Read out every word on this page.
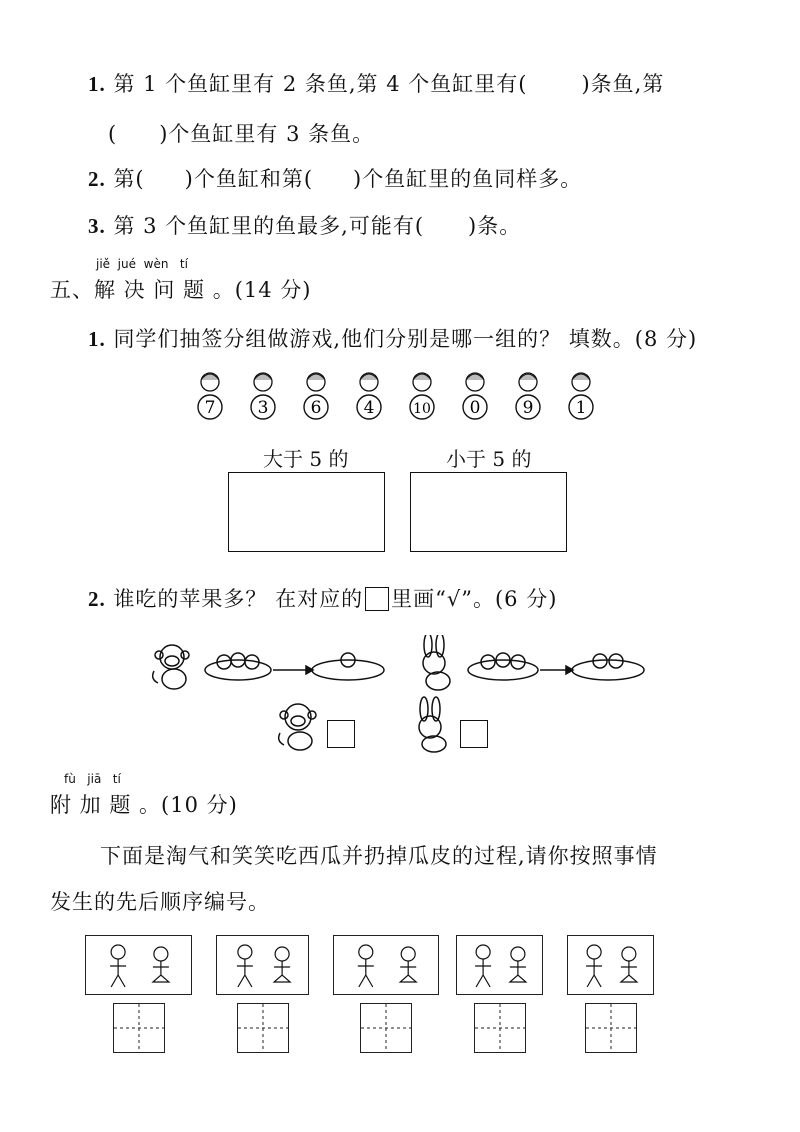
1. 第 1 个鱼缸里有 2 条鱼,第 4 个鱼缸里有(	)条鱼,第
( )个鱼缸里有 3 条鱼。
2. 第( )个鱼缸和第( )个鱼缸里的鱼同样多。
3. 第 3 个鱼缸里的鱼最多,可能有( )条。
jiě  jué  wèn   tí
五、解 决 问 题 。(14 分)
1. 同学们抽签分组做游戏,他们分别是哪一组的？ 填数。(8 分)
7 3 6 4	10 0 9 1
大于 5 的	小于 5 的
2. 谁吃的苹果多？ 在对应的 里画“√”。(6 分)
fù   jiā   tí
附 加 题 。(10 分)
下面是淘气和笑笑吃西瓜并扔掉瓜皮的过程,请你按照事情
发生的先后顺序编号。
